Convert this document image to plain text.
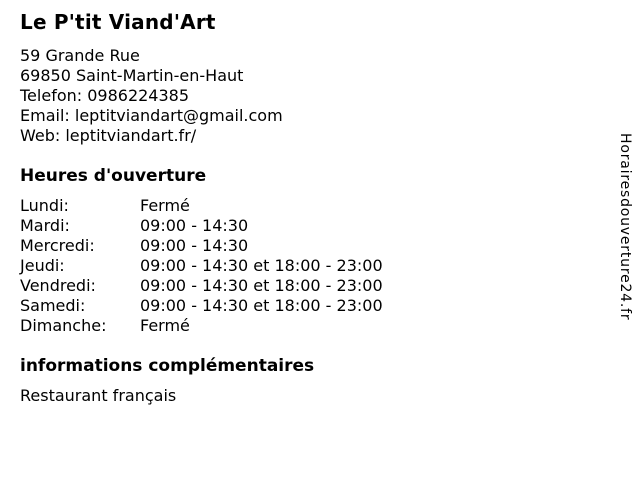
Le P'tit Viand'Art
59 Grande Rue
69850 Saint-Martin-en-Haut
Telefon: 0986224385
Email: leptitviandart@gmail.com
Web: leptitviandart.fr/
Heures d'ouverture
Lundi:	Fermé
Mardi:	09:00 - 14:30
Mercredi:	09:00 - 14:30
Jeudi:	09:00 - 14:30 et 18:00 - 23:00
Vendredi:	09:00 - 14:30 et 18:00 - 23:00
Samedi:	09:00 - 14:30 et 18:00 - 23:00
Dimanche:	Fermé
informations complémentaires
Restaurant français
Horairesdouverture24.fr
